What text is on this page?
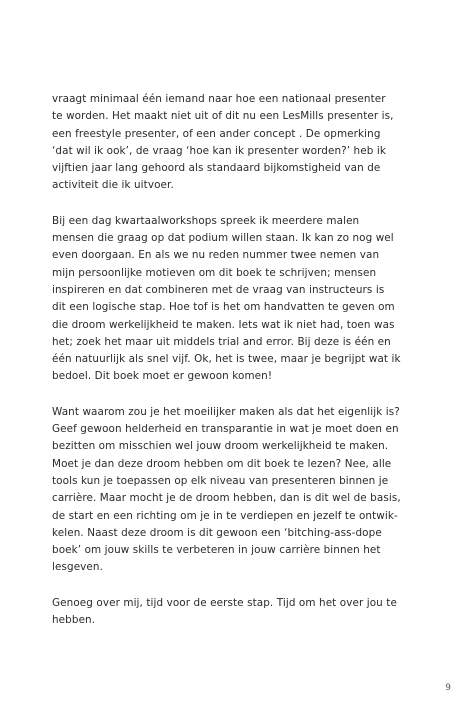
vraagt minimaal één iemand naar hoe een nationaal presenter
te worden. Het maakt niet uit of dit nu een LesMills presenter is,
een freestyle presenter, of een ander concept . De opmerking
‘dat wil ik ook’, de vraag ‘hoe kan ik presenter worden?’ heb ik
vijftien jaar lang gehoord als standaard bijkomstigheid van de
activiteit die ik uitvoer.

Bij een dag kwartaalworkshops spreek ik meerdere malen
mensen die graag op dat podium willen staan. Ik kan zo nog wel
even doorgaan. En als we nu reden nummer twee nemen van
mijn persoonlijke motieven om dit boek te schrijven; mensen
inspireren en dat combineren met de vraag van instructeurs is
dit een logische stap. Hoe tof is het om handvatten te geven om
die droom werkelijkheid te maken. Iets wat ik niet had, toen was
het; zoek het maar uit middels trial and error. Bij deze is één en
één natuurlijk als snel vijf. Ok, het is twee, maar je begrijpt wat ik
bedoel. Dit boek moet er gewoon komen!

Want waarom zou je het moeilijker maken als dat het eigenlijk is?
Geef gewoon helderheid en transparantie in wat je moet doen en
bezitten om misschien wel jouw droom werkelijkheid te maken.
Moet je dan deze droom hebben om dit boek te lezen? Nee, alle
tools kun je toepassen op elk niveau van presenteren binnen je
carrière. Maar mocht je de droom hebben, dan is dit wel de basis,
de start en een richting om je in te verdiepen en jezelf te ontwik-
kelen. Naast deze droom is dit gewoon een ‘bitching-ass-dope
boek’ om jouw skills te verbeteren in jouw carrière binnen het
lesgeven.

Genoeg over mij, tijd voor de eerste stap. Tijd om het over jou te
hebben.

9
